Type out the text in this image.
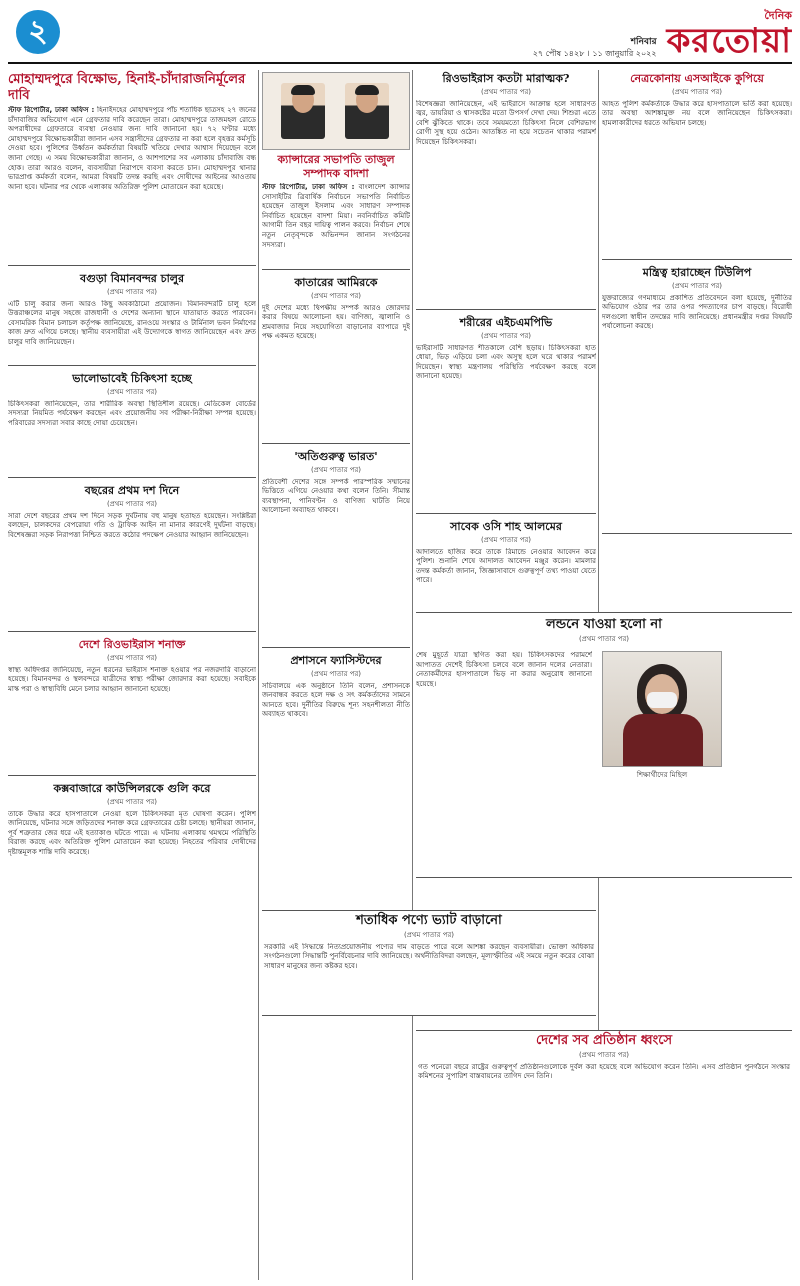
২	শনিবার
২৭ পৌষ ১৪২৮ । ১১ জানুয়ারি ২০২২
দৈনিক
করতোয়া
মোহাম্মদপুরে বিক্ষোভ, হিনাই-চাঁদারাজনির্মূলের দাবি
স্টাফ রিপোর্টার, ঢাকা অফিস : হিনাইদহের মোহাম্মদপুরে পাঁচ শতাধিক ছাত্রসহ ২৭ জনের চাঁদাবাজির অভিযোগ এনে গ্রেফতার দাবি করেছেন তারা। মোহাম্মদপুরে তাজমহল রোডে অপরাধীদের গ্রেফতারে ব্যবস্থা নেওয়ার জন্য দাবি জানানো হয়। ৭২ ঘণ্টার মধ্যে মোহাম্মদপুরে বিক্ষোভকারীরা জানান এসব সন্ত্রাসীদের গ্রেফতার না করা হলে বৃহত্তর কর্মসূচি দেওয়া হবে। পুলিশের উর্ধ্বতন কর্মকর্তারা বিষয়টি খতিয়ে দেখার আশ্বাস দিয়েছেন বলে জানা গেছে। এ সময় বিক্ষোভকারীরা জানান, ও আশপাশের সব এলাকায় চাঁদাবাজি বন্ধ হোক। তারা আরও বলেন, ব্যবসায়ীরা নিরাপদে ব্যবসা করতে চান। মোহাম্মদপুর থানার ভারপ্রাপ্ত কর্মকর্তা বলেন, আমরা বিষয়টি তদন্ত করছি এবং দোষীদের আইনের আওতায় আনা হবে। ঘটনার পর থেকে এলাকায় অতিরিক্ত পুলিশ মোতায়েন করা হয়েছে।
বগুড়া বিমানবন্দর চালুর
(প্রথম পাতার পর)
এটি চালু করার জন্য আরও কিছু অবকাঠামো প্রয়োজন। বিমানবন্দরটি চালু হলে উত্তরাঞ্চলের মানুষ সহজে রাজধানী ও দেশের অন্যান্য স্থানে যাতায়াত করতে পারবেন। বেসামরিক বিমান চলাচল কর্তৃপক্ষ জানিয়েছে, রানওয়ে সংস্কার ও টার্মিনাল ভবন নির্মাণের কাজ দ্রুত এগিয়ে চলছে। স্থানীয় ব্যবসায়ীরা এই উদ্যোগকে স্বাগত জানিয়েছেন এবং দ্রুত চালুর দাবি জানিয়েছেন।
ভালোভাবেই চিকিৎসা হচ্ছে
(প্রথম পাতার পর)
চিকিৎসকরা জানিয়েছেন, তার শারীরিক অবস্থা স্থিতিশীল রয়েছে। মেডিকেল বোর্ডের সদস্যরা নিয়মিত পর্যবেক্ষণ করছেন এবং প্রয়োজনীয় সব পরীক্ষা-নিরীক্ষা সম্পন্ন হয়েছে। পরিবারের সদস্যরা সবার কাছে দোয়া চেয়েছেন।
বছরের প্রথম দশ দিনে
(প্রথম পাতার পর)
সারা দেশে বছরের প্রথম দশ দিনে সড়ক দুর্ঘটনায় বহু মানুষ হতাহত হয়েছেন। সংশ্লিষ্টরা বলছেন, চালকদের বেপরোয়া গতি ও ট্রাফিক আইন না মানার কারণেই দুর্ঘটনা বাড়ছে। বিশেষজ্ঞরা সড়ক নিরাপত্তা নিশ্চিত করতে কঠোর পদক্ষেপ নেওয়ার আহ্বান জানিয়েছেন।
দেশে রিওভাইরাস শনাক্ত
(প্রথম পাতার পর)
স্বাস্থ্য অধিদপ্তর জানিয়েছে, নতুন ধরনের ভাইরাস শনাক্ত হওয়ার পর নজরদারি বাড়ানো হয়েছে। বিমানবন্দর ও স্থলবন্দরে যাত্রীদের স্বাস্থ্য পরীক্ষা জোরদার করা হয়েছে। সবাইকে মাস্ক পরা ও স্বাস্থ্যবিধি মেনে চলার আহ্বান জানানো হয়েছে।
কক্সবাজারে কাউন্সিলরকে গুলি করে
(প্রথম পাতার পর)
তাকে উদ্ধার করে হাসপাতালে নেওয়া হলে চিকিৎসকরা মৃত ঘোষণা করেন। পুলিশ জানিয়েছে, ঘটনার সঙ্গে জড়িতদের শনাক্ত করে গ্রেফতারের চেষ্টা চলছে। স্থানীয়রা জানান, পূর্ব শত্রুতার জের ধরে এই হত্যাকাণ্ড ঘটতে পারে। এ ঘটনায় এলাকায় থমথমে পরিস্থিতি বিরাজ করছে এবং অতিরিক্ত পুলিশ মোতায়েন করা হয়েছে। নিহতের পরিবার দোষীদের দৃষ্টান্তমূলক শাস্তি দাবি করেছে।
ক্যান্সারের সভাপতি তাজুল সম্পাদক বাদশা
স্টাফ রিপোর্টার, ঢাকা অফিস : বাংলাদেশ ক্যান্সার সোসাইটির ত্রিবার্ষিক নির্বাচনে সভাপতি নির্বাচিত হয়েছেন তাজুল ইসলাম এবং সাধারণ সম্পাদক নির্বাচিত হয়েছেন বাদশা মিয়া। নবনির্বাচিত কমিটি আগামী তিন বছর দায়িত্ব পালন করবে। নির্বাচন শেষে নতুন নেতৃবৃন্দকে অভিনন্দন জানান সংগঠনের সদস্যরা।
কাতারের আমিরকে
(প্রথম পাতার পর)
দুই দেশের মধ্যে দ্বিপক্ষীয় সম্পর্ক আরও জোরদার করার বিষয়ে আলোচনা হয়। বাণিজ্য, জ্বালানি ও শ্রমবাজার নিয়ে সহযোগিতা বাড়ানোর ব্যাপারে দুই পক্ষ একমত হয়েছে।
'অতিগুরুত্ব ভারত'
(প্রথম পাতার পর)
প্রতিবেশী দেশের সঙ্গে সম্পর্ক পারস্পরিক সম্মানের ভিত্তিতে এগিয়ে নেওয়ার কথা বলেন তিনি। সীমান্ত ব্যবস্থাপনা, পানিবণ্টন ও বাণিজ্য ঘাটতি নিয়ে আলোচনা অব্যাহত থাকবে।
প্রশাসনে ফ্যাসিস্টদের
(প্রথম পাতার পর)
সচিবালয়ে এক অনুষ্ঠানে তিনি বলেন, প্রশাসনকে জনবান্ধব করতে হলে দক্ষ ও সৎ কর্মকর্তাদের সামনে আনতে হবে। দুর্নীতির বিরুদ্ধে শূন্য সহনশীলতা নীতি অব্যাহত থাকবে।
রিওভাইরাস কতটা মারাত্মক?
(প্রথম পাতার পর)
বিশেষজ্ঞরা জানিয়েছেন, এই ভাইরাসে আক্রান্ত হলে সাধারণত জ্বর, ডায়রিয়া ও শ্বাসকষ্টের মতো উপসর্গ দেখা দেয়। শিশুরা এতে বেশি ঝুঁকিতে থাকে। তবে সময়মতো চিকিৎসা নিলে বেশিরভাগ রোগী সুস্থ হয়ে ওঠেন। আতঙ্কিত না হয়ে সচেতন থাকার পরামর্শ দিয়েছেন চিকিৎসকরা।
শরীরের এইচএমপিভি
(প্রথম পাতার পর)
ভাইরাসটি সাধারণত শীতকালে বেশি ছড়ায়। চিকিৎসকরা হাত ধোয়া, ভিড় এড়িয়ে চলা এবং অসুস্থ হলে ঘরে থাকার পরামর্শ দিয়েছেন। স্বাস্থ্য মন্ত্রণালয় পরিস্থিতি পর্যবেক্ষণ করছে বলে জানানো হয়েছে।
সাবেক ওসি শাহ আলমের
(প্রথম পাতার পর)
আদালতে হাজির করে তাকে রিমান্ডে নেওয়ার আবেদন করে পুলিশ। শুনানি শেষে আদালত আবেদন মঞ্জুর করেন। মামলার তদন্ত কর্মকর্তা জানান, জিজ্ঞাসাবাদে গুরুত্বপূর্ণ তথ্য পাওয়া যেতে পারে।
নেত্রকোনায় এসআইকে কুপিয়ে
(প্রথম পাতার পর)
আহত পুলিশ কর্মকর্তাকে উদ্ধার করে হাসপাতালে ভর্তি করা হয়েছে। তার অবস্থা আশঙ্কামুক্ত নয় বলে জানিয়েছেন চিকিৎসকরা। হামলাকারীদের ধরতে অভিযান চলছে।
মন্ত্রিত্ব হারাচ্ছেন টিউলিপ
(প্রথম পাতার পর)
যুক্তরাজ্যের গণমাধ্যমে প্রকাশিত প্রতিবেদনে বলা হয়েছে, দুর্নীতির অভিযোগ ওঠার পর তার ওপর পদত্যাগের চাপ বাড়ছে। বিরোধী দলগুলো স্বাধীন তদন্তের দাবি জানিয়েছে। প্রধানমন্ত্রীর দপ্তর বিষয়টি পর্যালোচনা করছে।
লন্ডনে যাওয়া হলো না
(প্রথম পাতার পর)
শেষ মুহূর্তে যাত্রা স্থগিত করা হয়। চিকিৎসকদের পরামর্শে আপাতত দেশেই চিকিৎসা চলবে বলে জানান দলের নেতারা। নেতাকর্মীদের হাসপাতালে ভিড় না করার অনুরোধ জানানো হয়েছে।
শিক্ষার্থীদের মিছিল
শতাধিক পণ্যে ভ্যাট বাড়ানো
(প্রথম পাতার পর)
সরকারি এই সিদ্ধান্তে নিত্যপ্রয়োজনীয় পণ্যের দাম বাড়তে পারে বলে আশঙ্কা করছেন ব্যবসায়ীরা। ভোক্তা অধিকার সংগঠনগুলো সিদ্ধান্তটি পুনর্বিবেচনার দাবি জানিয়েছে। অর্থনীতিবিদরা বলছেন, মূল্যস্ফীতির এই সময়ে নতুন করের বোঝা সাধারণ মানুষের জন্য কষ্টকর হবে।
দেশের সব প্রতিষ্ঠান ধ্বংসে
(প্রথম পাতার পর)
গত পনেরো বছরে রাষ্ট্রের গুরুত্বপূর্ণ প্রতিষ্ঠানগুলোকে দুর্বল করা হয়েছে বলে অভিযোগ করেন তিনি। এসব প্রতিষ্ঠান পুনর্গঠনে সংস্কার কমিশনের সুপারিশ বাস্তবায়নের তাগিদ দেন তিনি।
